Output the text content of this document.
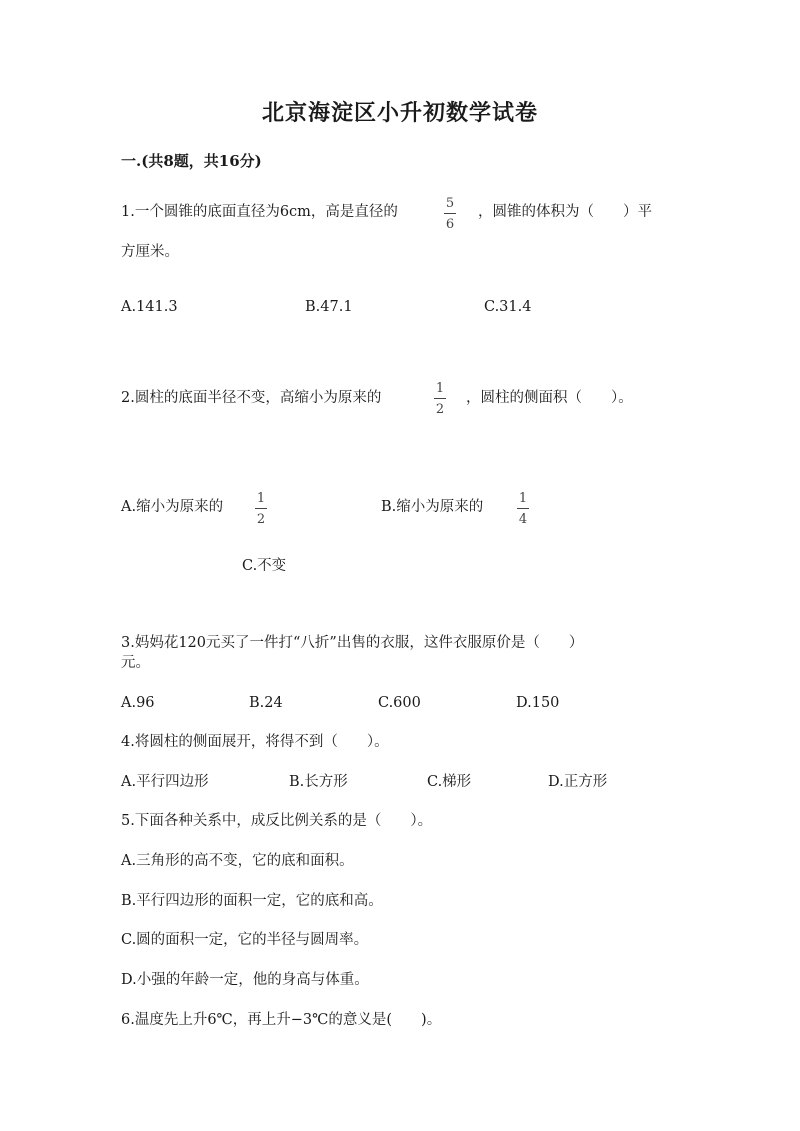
北京海淀区小升初数学试卷
一.(共8题，共16分)
1.一个圆锥的底面直径为6cm，高是直径的
5
6
，圆锥的体积为（　　）平
方厘米。
A.141.3	B.47.1	C.31.4
2.圆柱的底面半径不变，高缩小为原来的
1
2
，圆柱的侧面积（　　）。
A.缩小为原来的
1
2
B.缩小为原来的
1
4
C.不变
3.妈妈花120元买了一件打“八折”出售的衣服，这件衣服原价是（　　）
元。
A.96	B.24	C.600	D.150
4.将圆柱的侧面展开，将得不到（　　）。
A.平行四边形	B.长方形	C.梯形	D.正方形
5.下面各种关系中，成反比例关系的是（　　）。
A.三角形的高不变，它的底和面积。
B.平行四边形的面积一定，它的底和高。
C.圆的面积一定，它的半径与圆周率。
D.小强的年龄一定，他的身高与体重。
6.温度先上升6℃，再上升−3℃的意义是(　　)。
